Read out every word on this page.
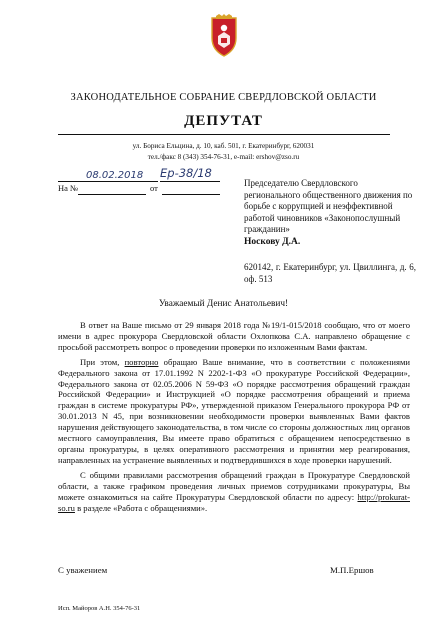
ЗАКОНОДАТЕЛЬНОЕ СОБРАНИЕ СВЕРДЛОВСКОЙ ОБЛАСТИ
ДЕПУТАТ
ул. Бориса Ельцина, д. 10, каб. 501, г. Екатеринбург, 620031
тел./факс 8 (343) 354-76-31, e-mail: ershov@zso.ru
08.02.2018 Ер-38/18
На №	от	Председателю Свердловского регионального общественного движения по борьбе с коррупцией и неэффективной работой чиновников «Законопослушный гражданин»
Носкову Д.А.
620142, г. Екатеринбург, ул. Цвиллинга, д. 6, оф. 513
Уважаемый Денис Анатольевич!

В ответ на Ваше письмо от 29 января 2018 года №19/1-015/2018 сообщаю, что от моего имени в адрес прокурора Свердловской области Охлопкова С.А. направлено обращение с просьбой рассмотреть вопрос о проведении проверки по изложенным Вами фактам.

При этом, повторно обращаю Ваше внимание, что в соответствии с положениями Федерального закона от 17.01.1992 N 2202-1-ФЗ «О прокуратуре Российской Федерации», Федерального закона от 02.05.2006 N 59-ФЗ «О порядке рассмотрения обращений граждан Российской Федерации» и Инструкцией «О порядке рассмотрения обращений и приема граждан в системе прокуратуры РФ», утвержденной приказом Генерального прокурора РФ от 30.01.2013 N 45, при возникновении необходимости проверки выявленных Вами фактов нарушения действующего законодательства, в том числе со стороны должностных лиц органов местного самоуправления, Вы имеете право обратиться с обращением непосредственно в органы прокуратуры, в целях оперативного рассмотрения и принятии мер реагирования, направленных на устранение выявленных и подтвердившихся в ходе проверки нарушений.

С общими правилами рассмотрения обращений граждан в Прокуратуре Свердловской области, а также графиком проведения личных приемов сотрудниками прокуратуры, Вы можете ознакомиться на сайте Прокуратуры Свердловской области по адресу: http://prokurat-so.ru в разделе «Работа с обращениями».

С уважением	М.П.Ершов
Исп. Майоров А.Н. 354-76-31
